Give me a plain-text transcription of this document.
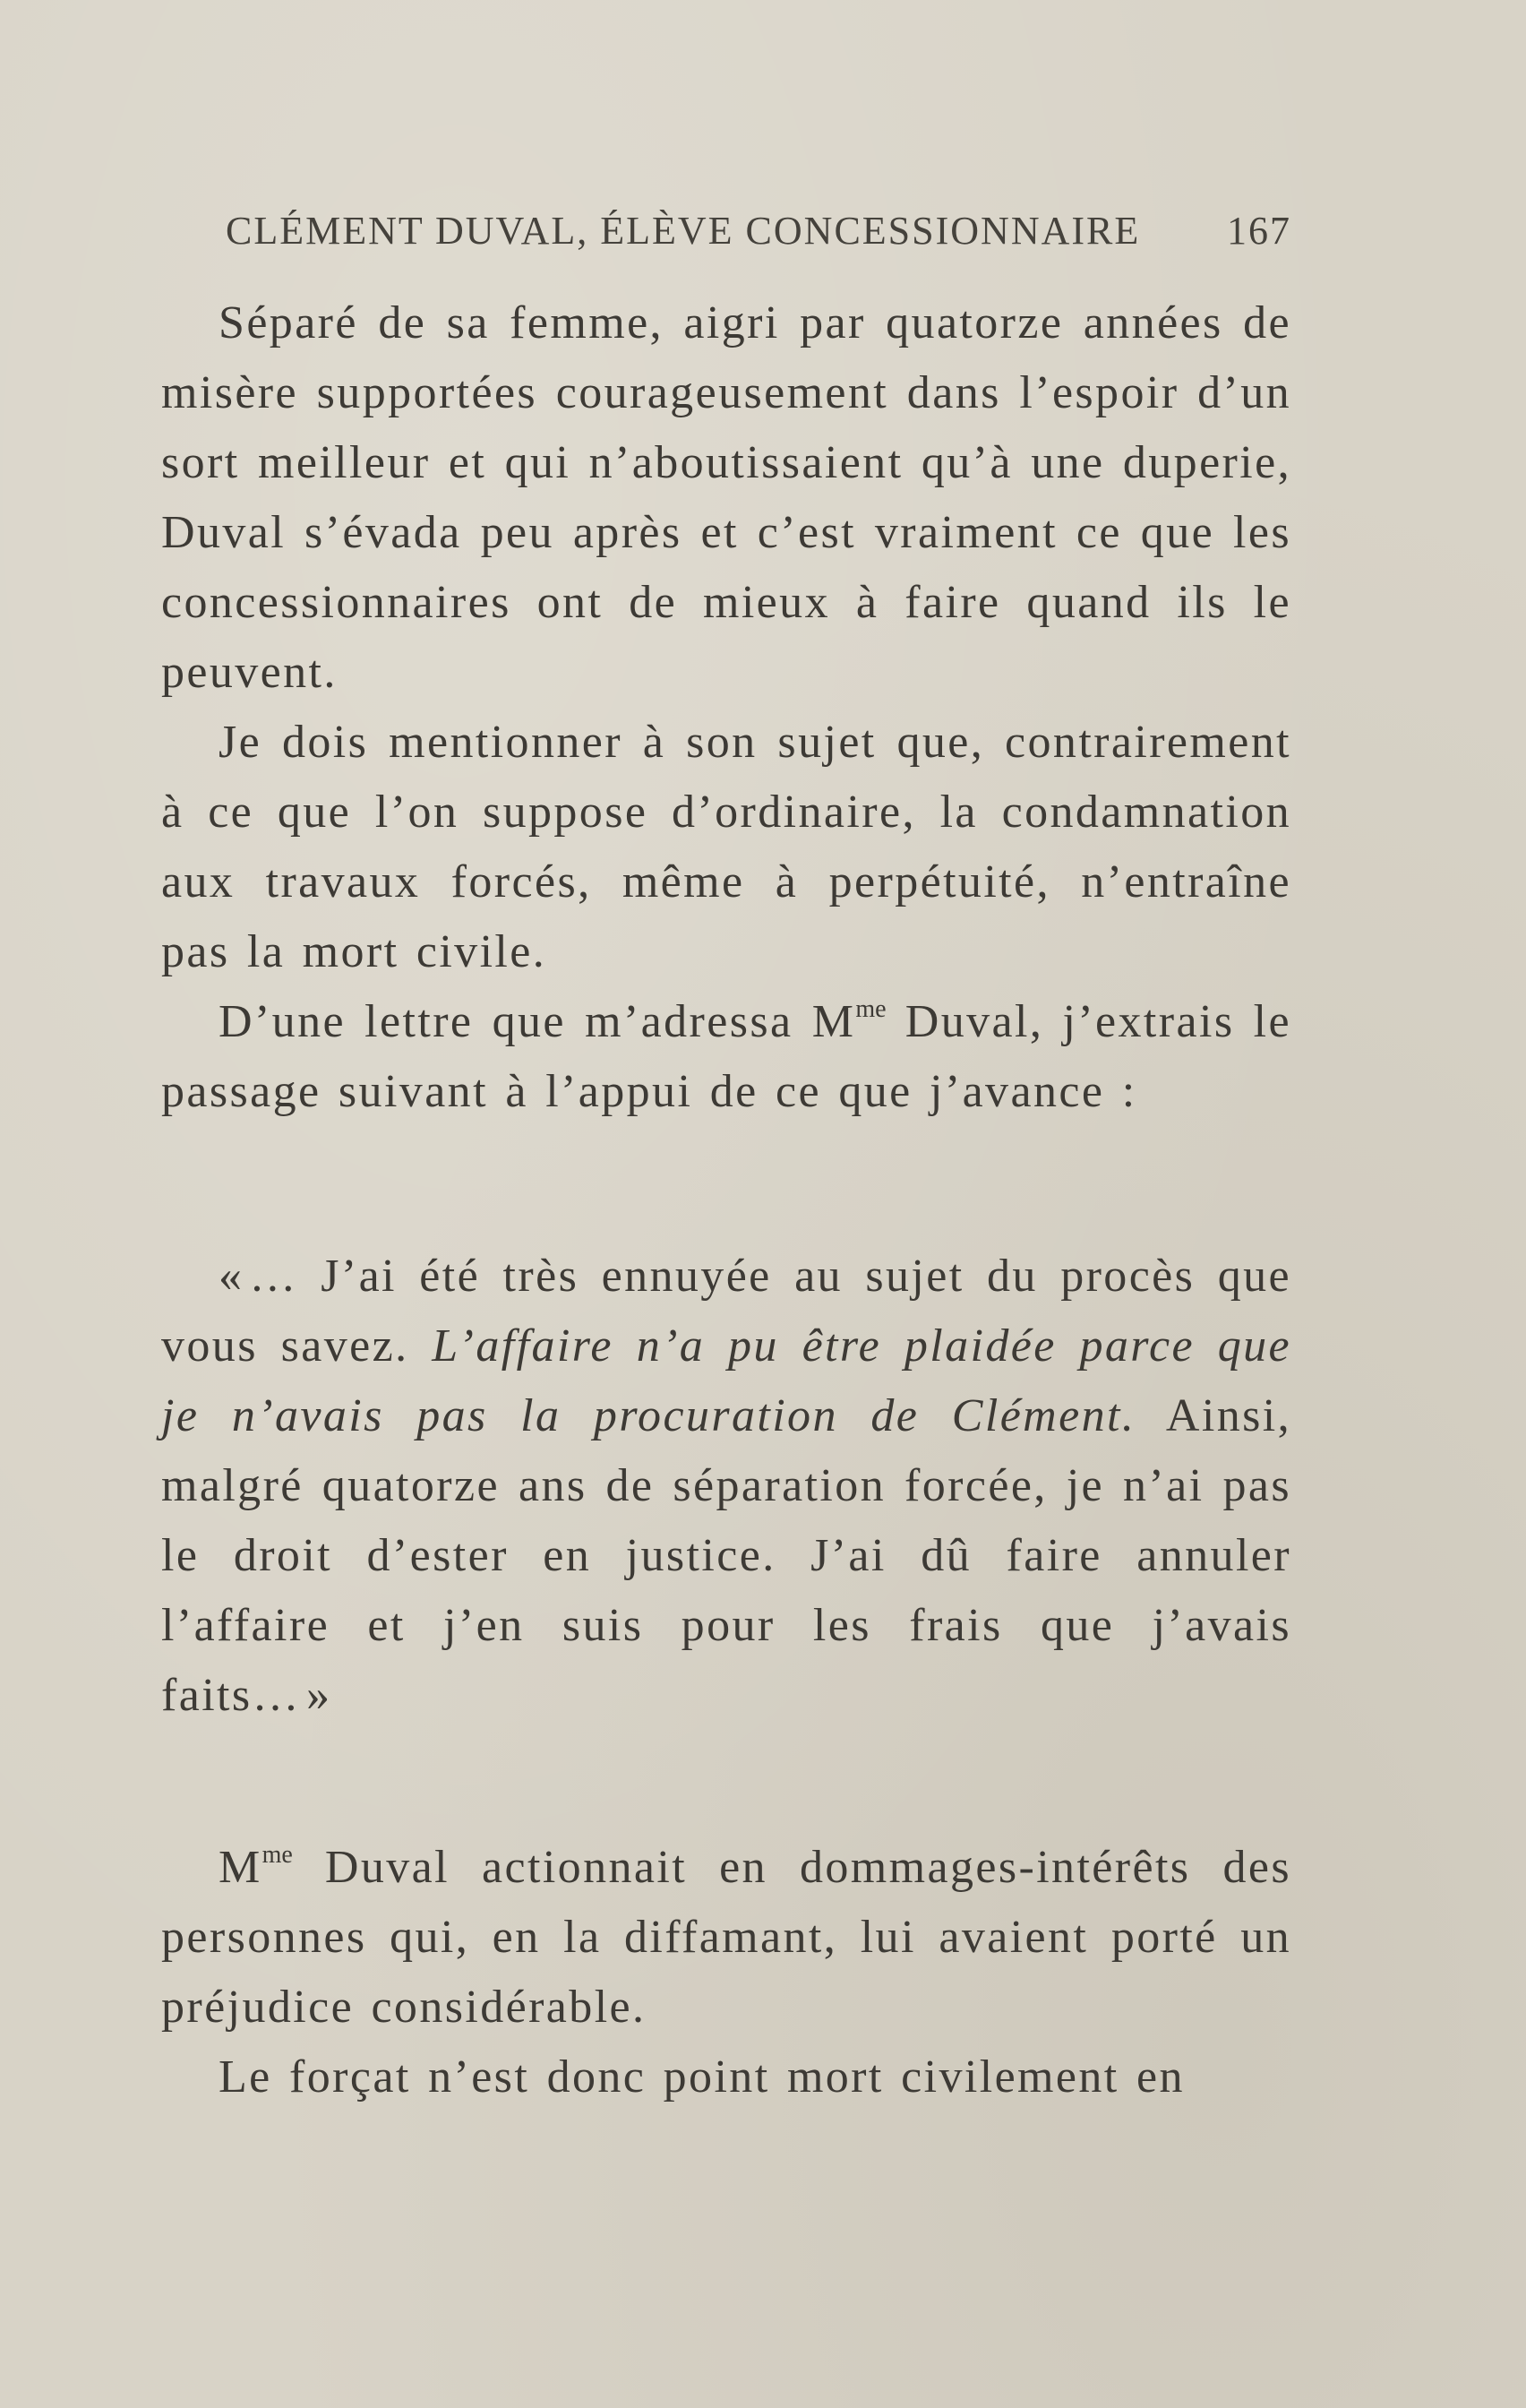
CLÉMENT DUVAL, ÉLÈVE CONCESSIONNAIRE 167

Séparé de sa femme, aigri par quatorze années de misère supportées courageusement dans l’espoir d’un sort meilleur et qui n’aboutissaient qu’à une duperie, Duval s’évada peu après et c’est vraiment ce que les concessionnaires ont de mieux à faire quand ils le peuvent.

Je dois mentionner à son sujet que, contrairement à ce que l’on suppose d’ordinaire, la condamnation aux travaux forcés, même à perpétuité, n’entraîne pas la mort civile.

D’une lettre que m’adressa $M^{me}$ Duval, j’extrais le passage suivant à l’appui de ce que j’avance :

« … J’ai été très ennuyée au sujet du procès que vous savez. L’affaire n’a pu être plaidée parce que je n’avais pas la procuration de Clément. Ainsi, malgré quatorze ans de séparation forcée, je n’ai pas le droit d’ester en justice. J’ai dû faire annuler l’affaire et j’en suis pour les frais que j’avais faits… »

$M^{me}$ Duval actionnait en dommages-intérêts des personnes qui, en la diffamant, lui avaient porté un préjudice considérable.

Le forçat n’est donc point mort civilement en
